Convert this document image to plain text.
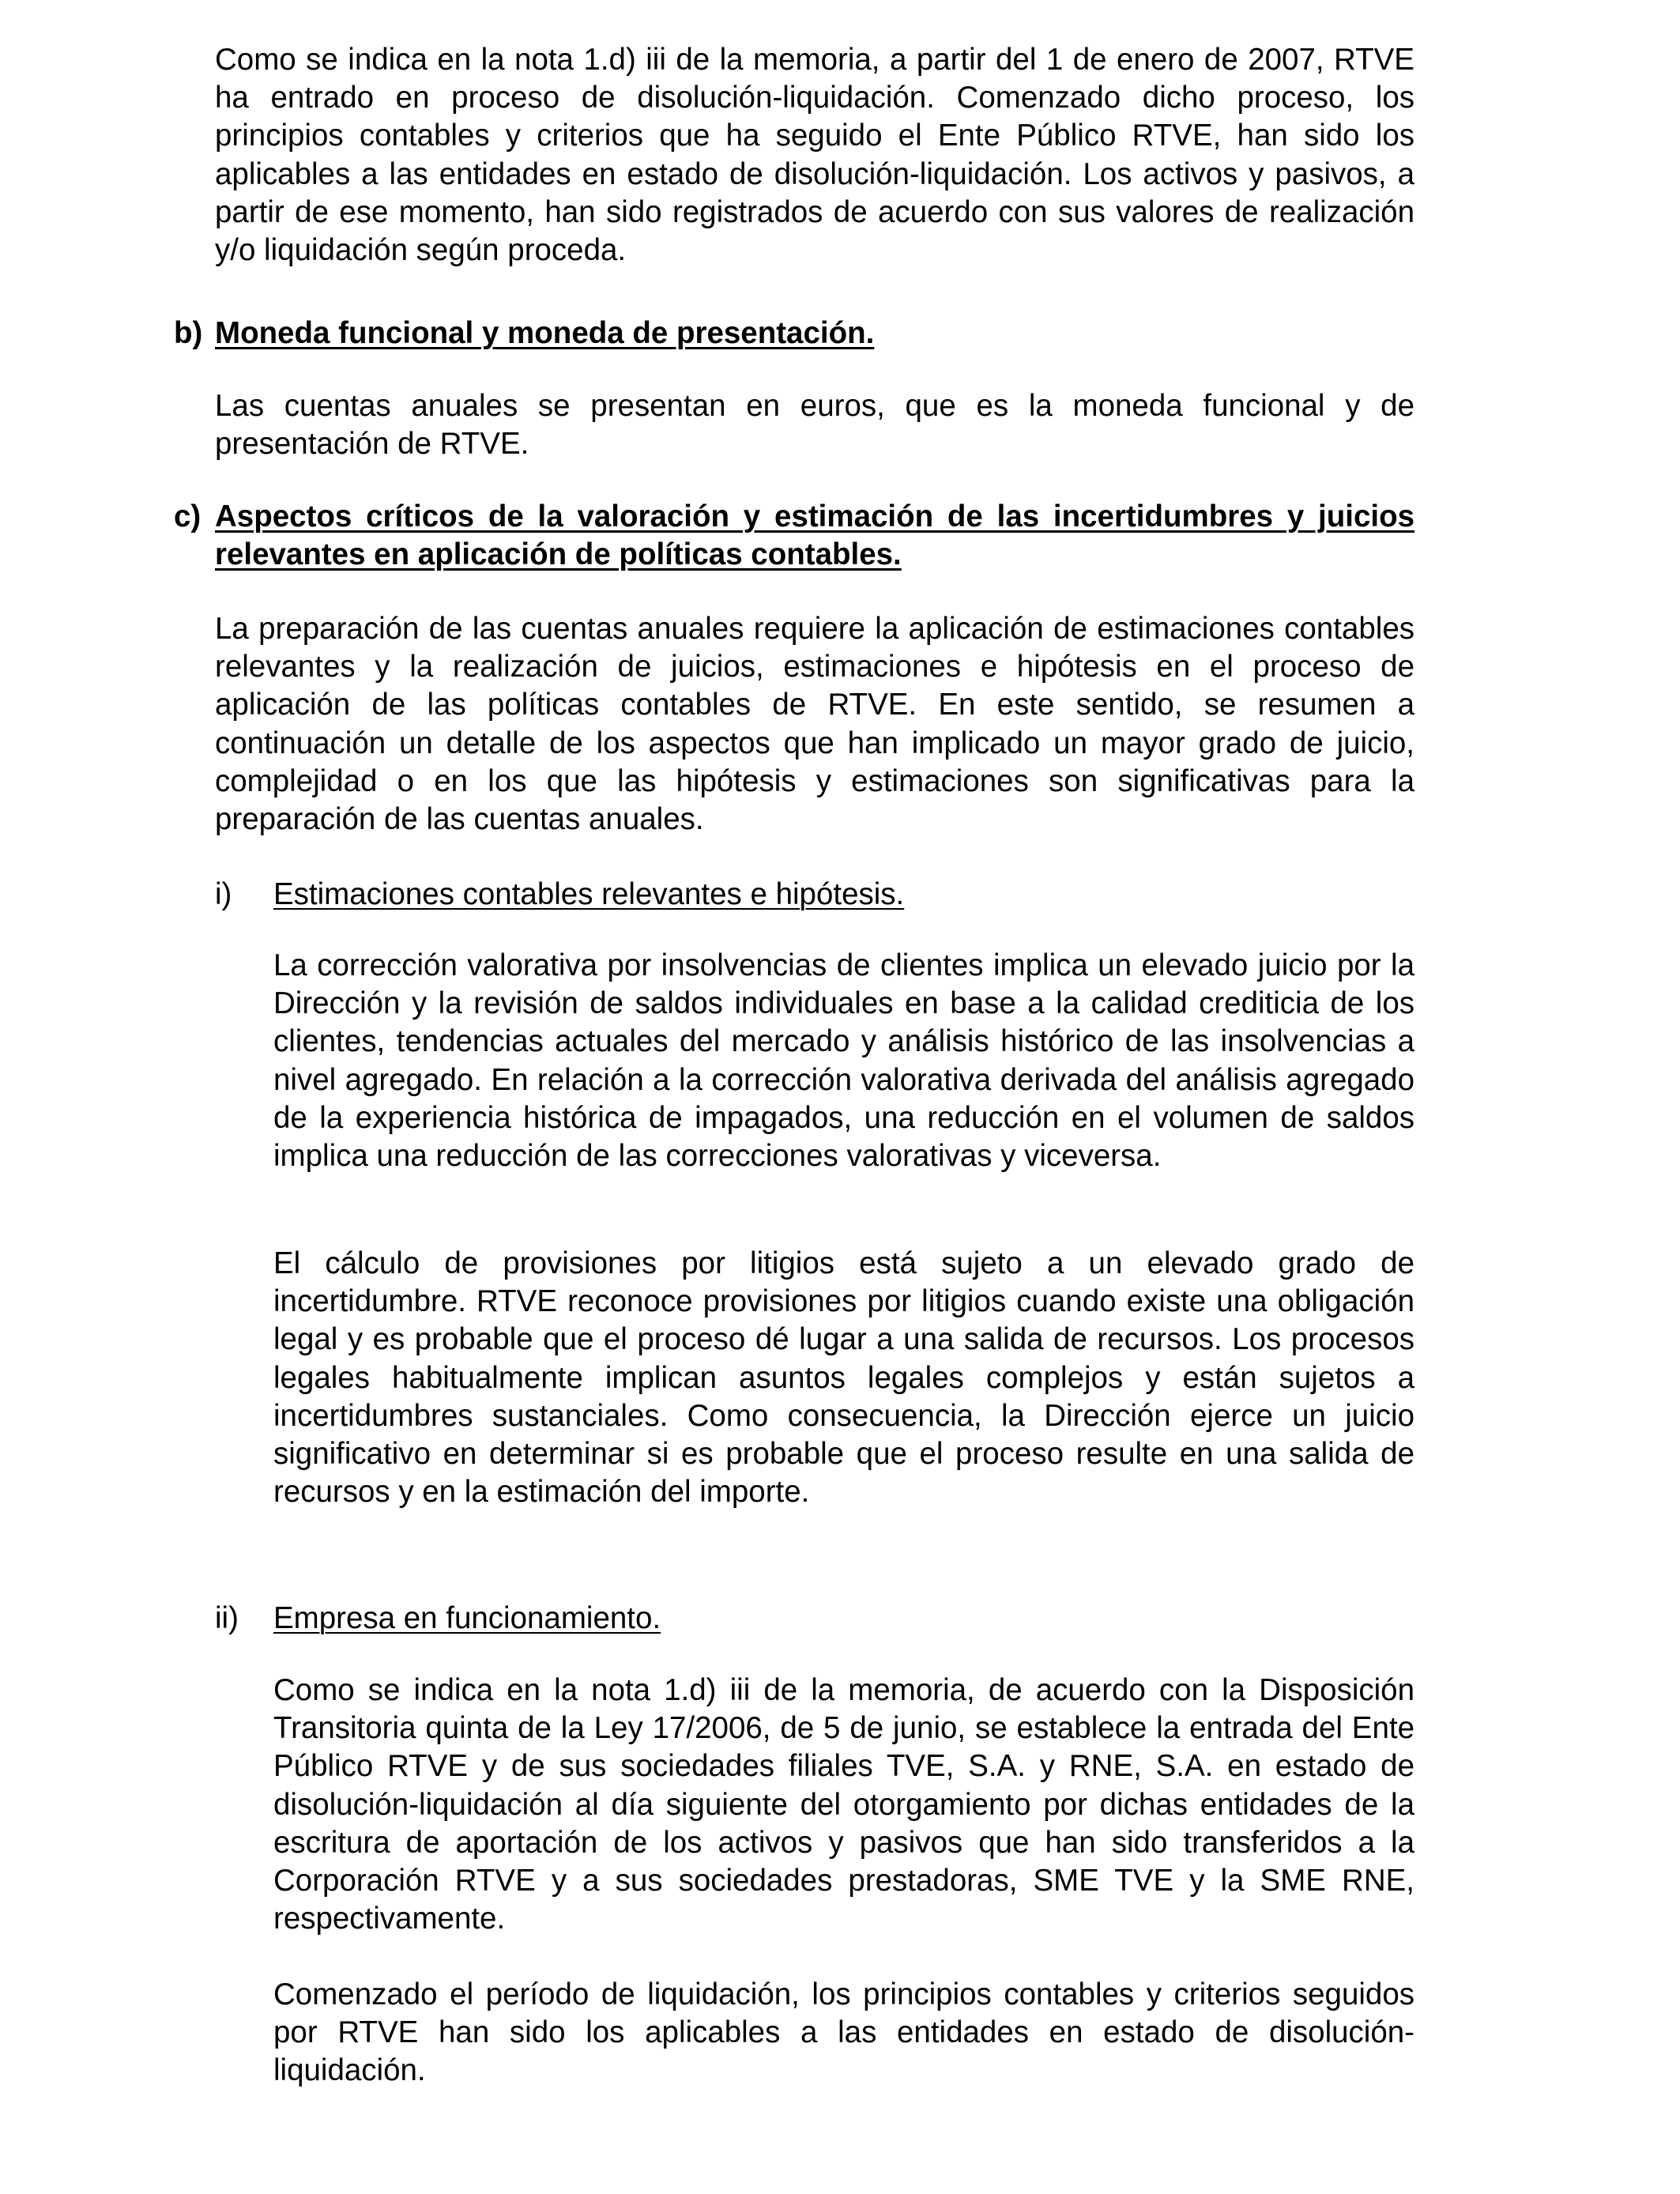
Como se indica en la nota 1.d) iii de la memoria, a partir del 1 de enero de 2007, RTVE ha entrado en proceso de disolución-liquidación. Comenzado dicho proceso, los principios contables y criterios que ha seguido el Ente Público RTVE, han sido los aplicables a las entidades en estado de disolución-liquidación. Los activos y pasivos, a partir de ese momento, han sido registrados de acuerdo con sus valores de realización y/o liquidación según proceda.

b) Moneda funcional y moneda de presentación.

Las cuentas anuales se presentan en euros, que es la moneda funcional y de presentación de RTVE.

c) Aspectos críticos de la valoración y estimación de las incertidumbres y juicios relevantes en aplicación de políticas contables.

La preparación de las cuentas anuales requiere la aplicación de estimaciones contables relevantes y la realización de juicios, estimaciones e hipótesis en el proceso de aplicación de las políticas contables de RTVE. En este sentido, se resumen a continuación un detalle de los aspectos que han implicado un mayor grado de juicio, complejidad o en los que las hipótesis y estimaciones son significativas para la preparación de las cuentas anuales.

i) Estimaciones contables relevantes e hipótesis.

La corrección valorativa por insolvencias de clientes implica un elevado juicio por la Dirección y la revisión de saldos individuales en base a la calidad crediticia de los clientes, tendencias actuales del mercado y análisis histórico de las insolvencias a nivel agregado. En relación a la corrección valorativa derivada del análisis agregado de la experiencia histórica de impagados, una reducción en el volumen de saldos implica una reducción de las correcciones valorativas y viceversa.

El cálculo de provisiones por litigios está sujeto a un elevado grado de incertidumbre. RTVE reconoce provisiones por litigios cuando existe una obligación legal y es probable que el proceso dé lugar a una salida de recursos. Los procesos legales habitualmente implican asuntos legales complejos y están sujetos a incertidumbres sustanciales. Como consecuencia, la Dirección ejerce un juicio significativo en determinar si es probable que el proceso resulte en una salida de recursos y en la estimación del importe.

ii) Empresa en funcionamiento.

Como se indica en la nota 1.d) iii de la memoria, de acuerdo con la Disposición Transitoria quinta de la Ley 17/2006, de 5 de junio, se establece la entrada del Ente Público RTVE y de sus sociedades filiales TVE, S.A. y RNE, S.A. en estado de disolución-liquidación al día siguiente del otorgamiento por dichas entidades de la escritura de aportación de los activos y pasivos que han sido transferidos a la Corporación RTVE y a sus sociedades prestadoras, SME TVE y la SME RNE, respectivamente.

Comenzado el período de liquidación, los principios contables y criterios seguidos por RTVE han sido los aplicables a las entidades en estado de disolución-liquidación.
